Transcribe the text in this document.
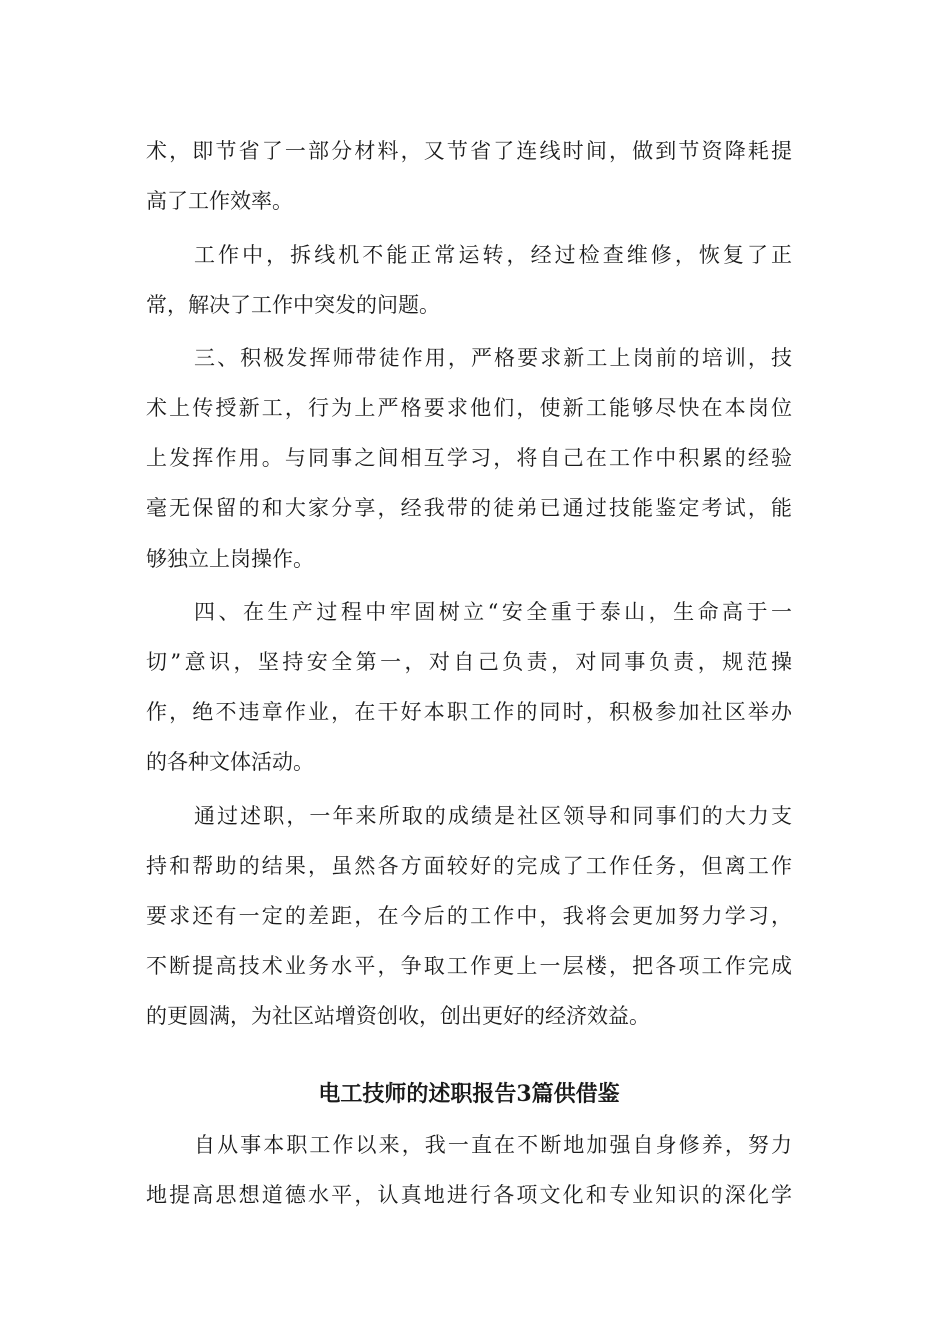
术，即节省了一部分材料，又节省了连线时间，做到节资降耗提
高了工作效率。
工作中，拆线机不能正常运转，经过检查维修，恢复了正
常，解决了工作中突发的问题。
三、积极发挥师带徒作用，严格要求新工上岗前的培训，技
术上传授新工，行为上严格要求他们，使新工能够尽快在本岗位
上发挥作用。与同事之间相互学习，将自己在工作中积累的经验
毫无保留的和大家分享，经我带的徒弟已通过技能鉴定考试，能
够独立上岗操作。
四、在生产过程中牢固树立“安全重于泰山，生命高于一
切”意识，坚持安全第一，对自己负责，对同事负责，规范操
作，绝不违章作业，在干好本职工作的同时，积极参加社区举办
的各种文体活动。
通过述职，一年来所取的成绩是社区领导和同事们的大力支
持和帮助的结果，虽然各方面较好的完成了工作任务，但离工作
要求还有一定的差距，在今后的工作中，我将会更加努力学习，
不断提高技术业务水平，争取工作更上一层楼，把各项工作完成
的更圆满，为社区站增资创收，创出更好的经济效益。
电工技师的述职报告3篇供借鉴
自从事本职工作以来，我一直在不断地加强自身修养，努力
地提高思想道德水平，认真地进行各项文化和专业知识的深化学
